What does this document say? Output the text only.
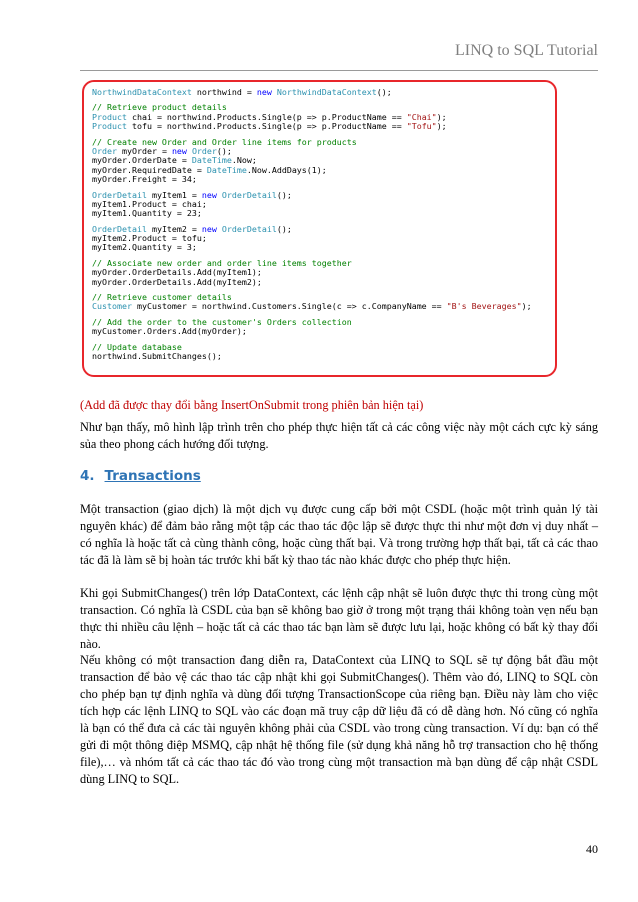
LINQ to SQL Tutorial
NorthwindDataContext northwind = new NorthwindDataContext();
// Retrieve product details
Product chai = northwind.Products.Single(p => p.ProductName == "Chai");
Product tofu = northwind.Products.Single(p => p.ProductName == "Tofu");
// Create new Order and Order line items for products
Order myOrder = new Order();
myOrder.OrderDate = DateTime.Now;
myOrder.RequiredDate = DateTime.Now.AddDays(1);
myOrder.Freight = 34;
OrderDetail myItem1 = new OrderDetail();
myItem1.Product = chai;
myItem1.Quantity = 23;
OrderDetail myItem2 = new OrderDetail();
myItem2.Product = tofu;
myItem2.Quantity = 3;
// Associate new order and order line items together
myOrder.OrderDetails.Add(myItem1);
myOrder.OrderDetails.Add(myItem2);
// Retrieve customer details
Customer myCustomer = northwind.Customers.Single(c => c.CompanyName == "B's Beverages");
// Add the order to the customer's Orders collection
myCustomer.Orders.Add(myOrder);
// Update database
northwind.SubmitChanges();
(Add đã được thay đổi bằng InsertOnSubmit trong phiên bản hiện tại)

Như bạn thấy, mô hình lập trình trên cho phép thực hiện tất cả các công việc này một cách cực kỳ sáng sủa theo phong cách hướng đối tượng.

4. Transactions

Một transaction (giao dịch) là một dịch vụ được cung cấp bởi một CSDL (hoặc một trình quản lý tài nguyên khác) để đảm bảo rằng một tập các thao tác độc lập sẽ được thực thi như một đơn vị duy nhất – có nghĩa là hoặc tất cả cùng thành công, hoặc cùng thất bại. Và trong trường hợp thất bại, tất cả các thao tác đã là làm sẽ bị hoàn tác trước khi bất kỳ thao tác nào khác được cho phép thực hiện.

Khi gọi SubmitChanges() trên lớp DataContext, các lệnh cập nhật sẽ luôn được thực thi trong cùng một transaction. Có nghĩa là CSDL của bạn sẽ không bao giờ ở trong một trạng thái không toàn vẹn nếu bạn thực thi nhiều câu lệnh – hoặc tất cả các thao tác bạn làm sẽ được lưu lại, hoặc không có bất kỳ thay đổi nào.

Nếu không có một transaction đang diễn ra, DataContext của LINQ to SQL sẽ tự động bắt đầu một transaction để bảo vệ các thao tác cập nhật khi gọi SubmitChanges(). Thêm vào đó, LINQ to SQL còn cho phép bạn tự định nghĩa và dùng đối tượng TransactionScope của riêng bạn. Điều này làm cho việc tích hợp các lệnh LINQ to SQL vào các đoạn mã truy cập dữ liệu đã có dễ dàng hơn. Nó cũng có nghĩa là bạn có thể đưa cả các tài nguyên không phải của CSDL vào trong cùng transaction. Ví dụ: bạn có thể gửi đi một thông điệp MSMQ, cập nhật hệ thống file (sử dụng khả năng hỗ trợ transaction cho hệ thống file),… và nhóm tất cả các thao tác đó vào trong cùng một transaction mà bạn dùng để cập nhật CSDL dùng LINQ to SQL.

40
